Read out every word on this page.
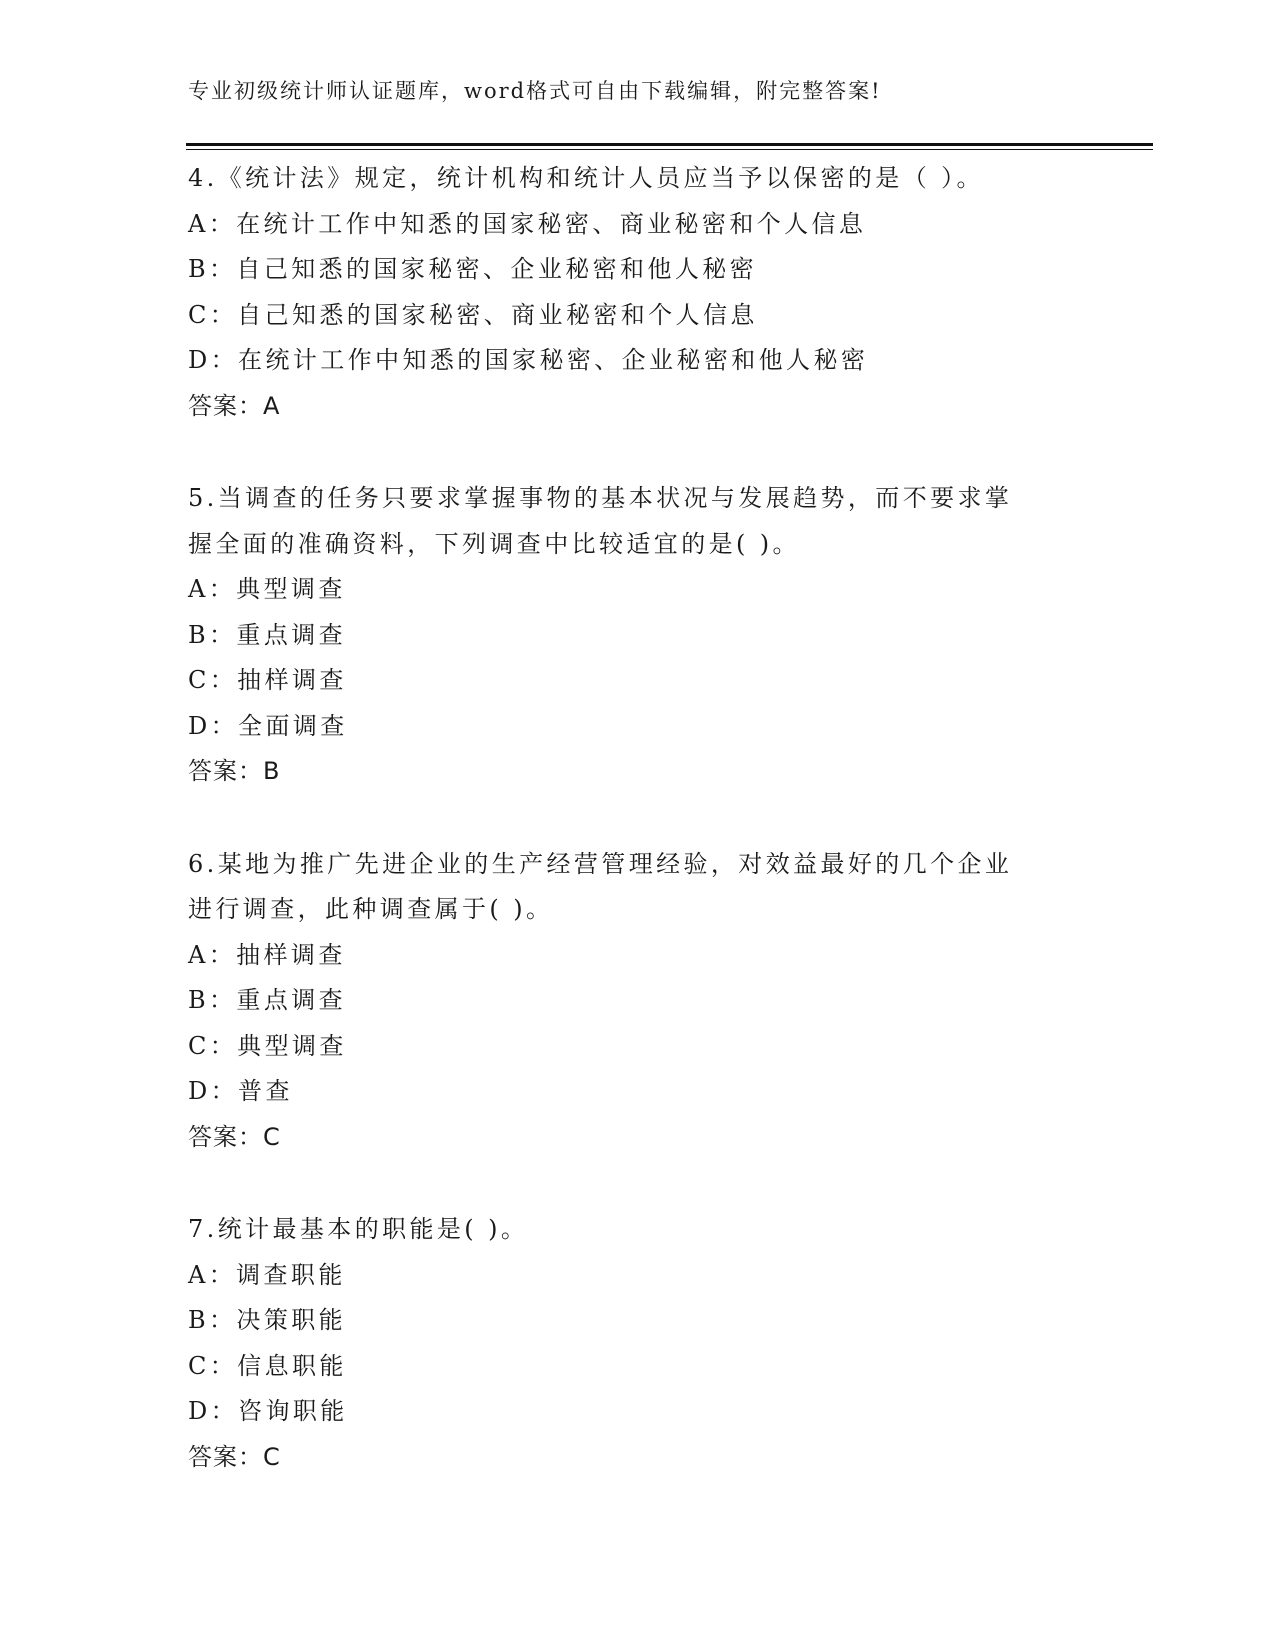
专业初级统计师认证题库，word格式可自由下载编辑，附完整答案!
4.《统计法》规定，统计机构和统计人员应当予以保密的是（ ）。
A：在统计工作中知悉的国家秘密、商业秘密和个人信息
B：自己知悉的国家秘密、企业秘密和他人秘密
C：自己知悉的国家秘密、商业秘密和个人信息
D：在统计工作中知悉的国家秘密、企业秘密和他人秘密
答案：A
5.当调查的任务只要求掌握事物的基本状况与发展趋势，而不要求掌
握全面的准确资料，下列调查中比较适宜的是( )。
A：典型调查
B：重点调查
C：抽样调查
D：全面调查
答案：B
6.某地为推广先进企业的生产经营管理经验，对效益最好的几个企业
进行调查，此种调查属于( )。
A：抽样调查
B：重点调查
C：典型调查
D：普查
答案：C
7.统计最基本的职能是( )。
A：调查职能
B：决策职能
C：信息职能
D：咨询职能
答案：C
